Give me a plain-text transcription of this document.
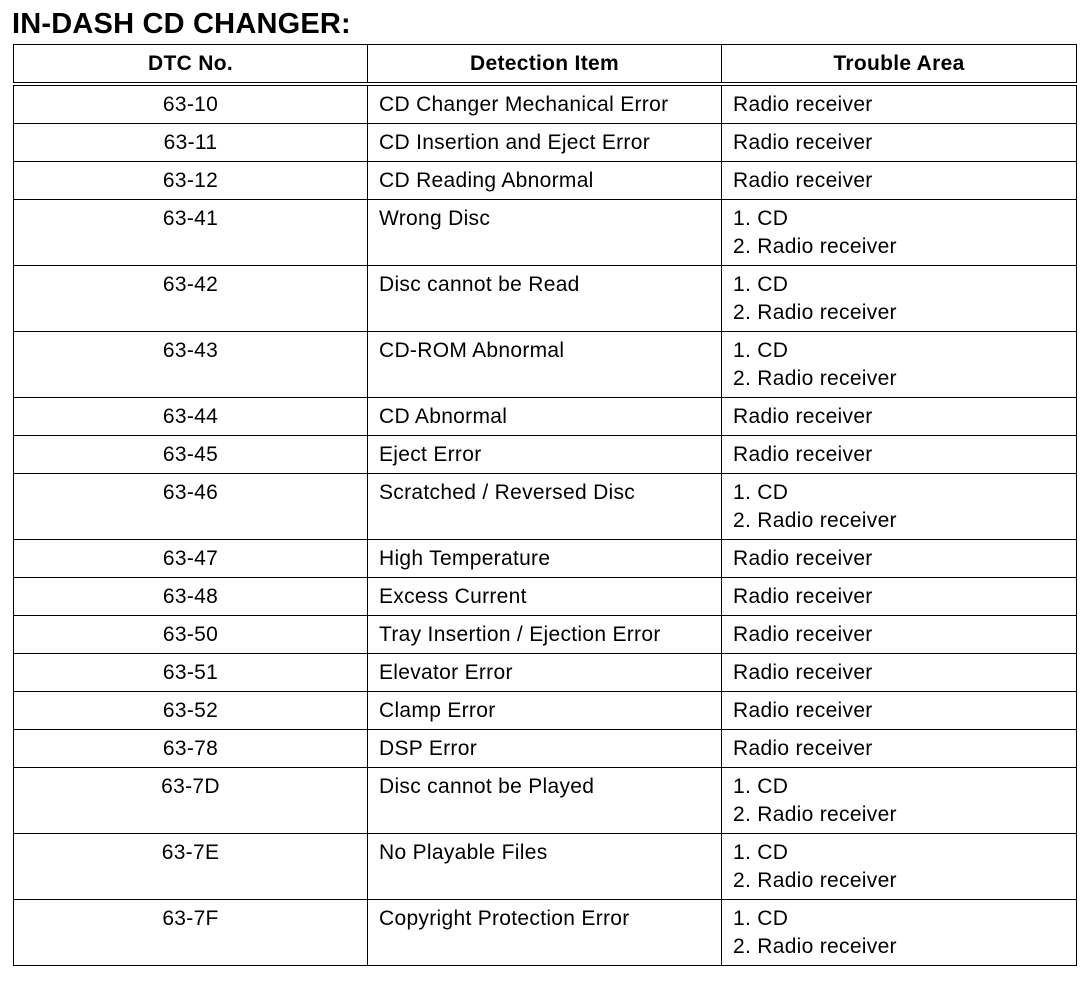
IN-DASH CD CHANGER:
DTC No.	Detection Item	Trouble Area

63-10	CD Changer Mechanical Error	Radio receiver

63-11	CD Insertion and Eject Error	Radio receiver

63-12	CD Reading Abnormal	Radio receiver

63-41	Wrong Disc	1. CD
2. Radio receiver

63-42	Disc cannot be Read	1. CD
2. Radio receiver

63-43	CD-ROM Abnormal	1. CD
2. Radio receiver

63-44	CD Abnormal	Radio receiver

63-45	Eject Error	Radio receiver

63-46	Scratched / Reversed Disc	1. CD
2. Radio receiver

63-47	High Temperature	Radio receiver

63-48	Excess Current	Radio receiver

63-50	Tray Insertion / Ejection Error	Radio receiver

63-51	Elevator Error	Radio receiver

63-52	Clamp Error	Radio receiver

63-78	DSP Error	Radio receiver

63-7D	Disc cannot be Played	1. CD
2. Radio receiver

63-7E	No Playable Files	1. CD
2. Radio receiver

63-7F	Copyright Protection Error	1. CD
2. Radio receiver
